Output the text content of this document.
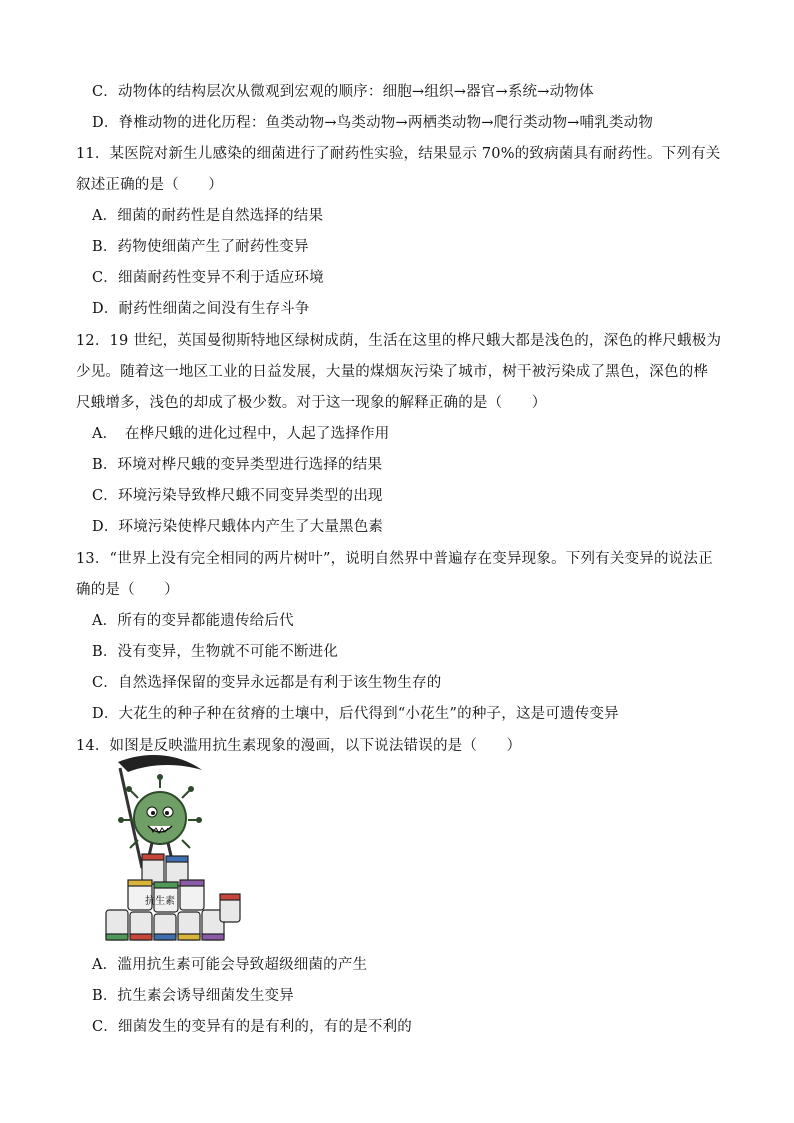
C．动物体的结构层次从微观到宏观的顺序：细胞→组织→器官→系统→动物体
D．脊椎动物的进化历程：鱼类动物→鸟类动物→两栖类动物→爬行类动物→哺乳类动物
11．某医院对新生儿感染的细菌进行了耐药性实验，结果显示 70%的致病菌具有耐药性。下列有关
叙述正确的是（　　）
A．细菌的耐药性是自然选择的结果
B．药物使细菌产生了耐药性变异
C．细菌耐药性变异不利于适应环境
D．耐药性细菌之间没有生存斗争
12．19 世纪，英国曼彻斯特地区绿树成荫，生活在这里的桦尺蛾大都是浅色的，深色的桦尺蛾极为
少见。随着这一地区工业的日益发展，大量的煤烟灰污染了城市，树干被污染成了黑色，深色的桦
尺蛾增多，浅色的却成了极少数。对于这一现象的解释正确的是（　　）
A．　在桦尺蛾的进化过程中，人起了选择作用
B．环境对桦尺蛾的变异类型进行选择的结果
C．环境污染导致桦尺蛾不同变异类型的出现
D．环境污染使桦尺蛾体内产生了大量黑色素
13．“世界上没有完全相同的两片树叶”，说明自然界中普遍存在变异现象。下列有关变异的说法正
确的是（　　）
A．所有的变异都能遗传给后代
B．没有变异，生物就不可能不断进化
C．自然选择保留的变异永远都是有利于该生物生存的
D．大花生的种子种在贫瘠的土壤中，后代得到“小花生”的种子，这是可遗传变异
14．如图是反映滥用抗生素现象的漫画，以下说法错误的是（　　）
抗生素
A．滥用抗生素可能会导致超级细菌的产生
B．抗生素会诱导细菌发生变异
C．细菌发生的变异有的是有利的，有的是不利的
